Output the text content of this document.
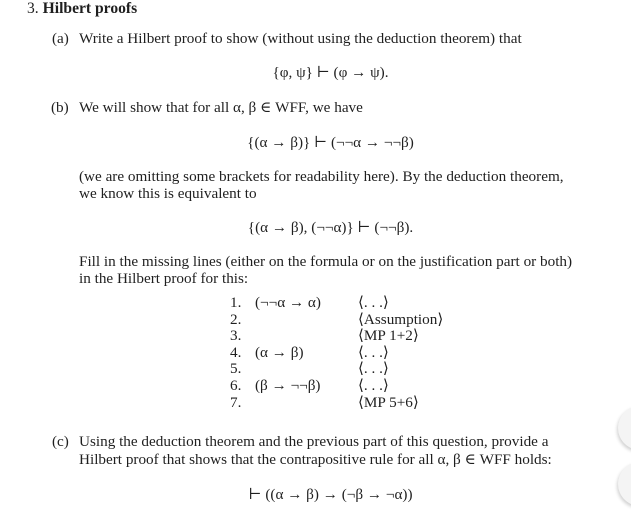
3. Hilbert proofs
(a) Write a Hilbert proof to show (without using the deduction theorem) that
{φ, ψ} ⊢ (φ → ψ).
(b) We will show that for all α, β ∈ WFF, we have
{(α → β)} ⊢ (¬¬α → ¬¬β)
(we are omitting some brackets for readability here). By the deduction theorem,
we know this is equivalent to
{(α → β), (¬¬α)} ⊢ (¬¬β).
Fill in the missing lines (either on the formula or on the justification part or both)
in the Hilbert proof for this:
1. (¬¬α → α) ⟨. . .⟩
2.	⟨Assumption⟩
3.	⟨MP 1+2⟩
4. (α → β)	⟨. . .⟩
5.	⟨. . .⟩
6. (β → ¬¬β) ⟨. . .⟩
7.	⟨MP 5+6⟩
(c) Using the deduction theorem and the previous part of this question, provide a
Hilbert proof that shows that the contrapositive rule for all α, β ∈ WFF holds:
⊢ ((α → β) → (¬β → ¬α))
